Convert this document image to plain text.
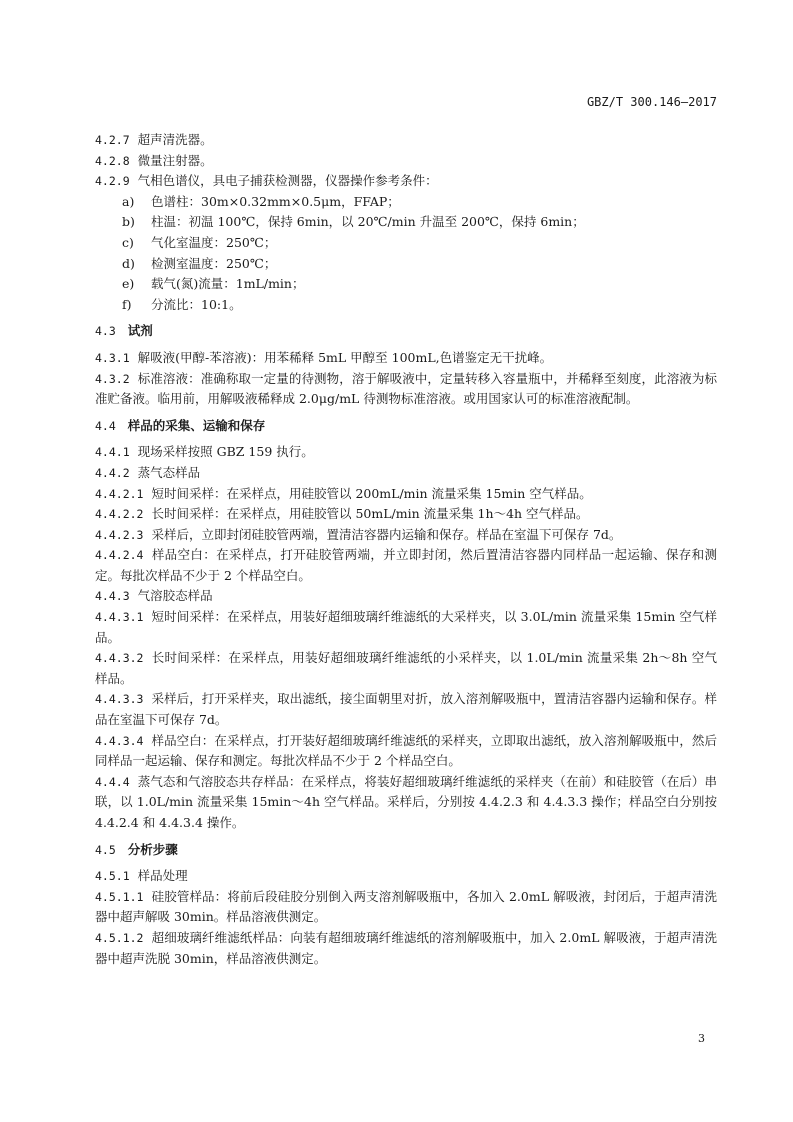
GBZ/T 300.146—2017
4.2.7 超声清洗器。
4.2.8 微量注射器。
4.2.9 气相色谱仪，具电子捕获检测器，仪器操作参考条件：
a)	色谱柱：30m×0.32mm×0.5μm，FFAP；
b)	柱温：初温 100℃，保持 6min，以 20℃/min 升温至 200℃，保持 6min；
c)	气化室温度：250℃；
d)	检测室温度：250℃；
e)	载气(氮)流量：1mL/min；
f)	分流比：10:1。
4.3 试剂
4.3.1 解吸液(甲醇-苯溶液)：用苯稀释 5mL 甲醇至 100mL,色谱鉴定无干扰峰。
4.3.2 标准溶液：准确称取一定量的待测物，溶于解吸液中，定量转移入容量瓶中，并稀释至刻度，此溶液为标准贮备液。临用前，用解吸液稀释成 2.0μg/mL 待测物标准溶液。或用国家认可的标准溶液配制。
4.4 样品的采集、运输和保存
4.4.1 现场采样按照 GBZ 159 执行。
4.4.2 蒸气态样品
4.4.2.1 短时间采样：在采样点，用硅胶管以 200mL/min 流量采集 15min 空气样品。
4.4.2.2 长时间采样：在采样点，用硅胶管以 50mL/min 流量采集 1h～4h 空气样品。
4.4.2.3 采样后，立即封闭硅胶管两端，置清洁容器内运输和保存。样品在室温下可保存 7d。
4.4.2.4 样品空白：在采样点，打开硅胶管两端，并立即封闭，然后置清洁容器内同样品一起运输、保存和测定。每批次样品不少于 2 个样品空白。
4.4.3 气溶胶态样品
4.4.3.1 短时间采样：在采样点，用装好超细玻璃纤维滤纸的大采样夹，以 3.0L/min 流量采集 15min 空气样品。
4.4.3.2 长时间采样：在采样点，用装好超细玻璃纤维滤纸的小采样夹，以 1.0L/min 流量采集 2h～8h 空气样品。
4.4.3.3 采样后，打开采样夹，取出滤纸，接尘面朝里对折，放入溶剂解吸瓶中，置清洁容器内运输和保存。样品在室温下可保存 7d。
4.4.3.4 样品空白：在采样点，打开装好超细玻璃纤维滤纸的采样夹，立即取出滤纸，放入溶剂解吸瓶中，然后同样品一起运输、保存和测定。每批次样品不少于 2 个样品空白。
4.4.4 蒸气态和气溶胶态共存样品：在采样点，将装好超细玻璃纤维滤纸的采样夹（在前）和硅胶管（在后）串联，以 1.0L/min 流量采集 15min～4h 空气样品。采样后，分别按 4.4.2.3 和 4.4.3.3 操作；样品空白分别按 4.4.2.4 和 4.4.3.4 操作。
4.5 分析步骤
4.5.1 样品处理
4.5.1.1 硅胶管样品：将前后段硅胶分别倒入两支溶剂解吸瓶中，各加入 2.0mL 解吸液，封闭后，于超声清洗器中超声解吸 30min。样品溶液供测定。
4.5.1.2 超细玻璃纤维滤纸样品：向装有超细玻璃纤维滤纸的溶剂解吸瓶中，加入 2.0mL 解吸液，于超声清洗器中超声洗脱 30min，样品溶液供测定。
3
